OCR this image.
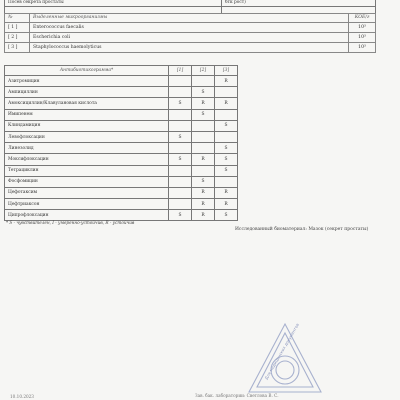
Посев секрета простаты	бтк рост)

№	Выделенные микроорганизмы	КОЕ/г
[ 1 ]	Enterococcus faecalis	10³
[ 2 ]	Escherichia coli	10³
[ 3 ]	Staphylococcus haemolyticus	10³
Антибиотикограмма*	[1]	[2]	[3]
Азитромицин			R
Ампициллин		S	
Амоксициллин/Клавулановая кислота	S	R	R
Имипенем		S	
Клиндамицин			S
Левофлоксацин	S		
Линезолид			S
Моксифлоксацин	S	R	S
Тетрациклин			S
Фосфомицин		S	
Цефотаксим		R	R
Цефтриаксон		R	R
Ципрофлоксацин	S	R	S
* S - чувствителен, I - умеренно-устойчив, R - устойчив
Исследованный биоматериал: Мазок (секрет простаты)
Для медицинских документов
10.10.2023	Зав. бак. лаборатории: Светлова В. С.
